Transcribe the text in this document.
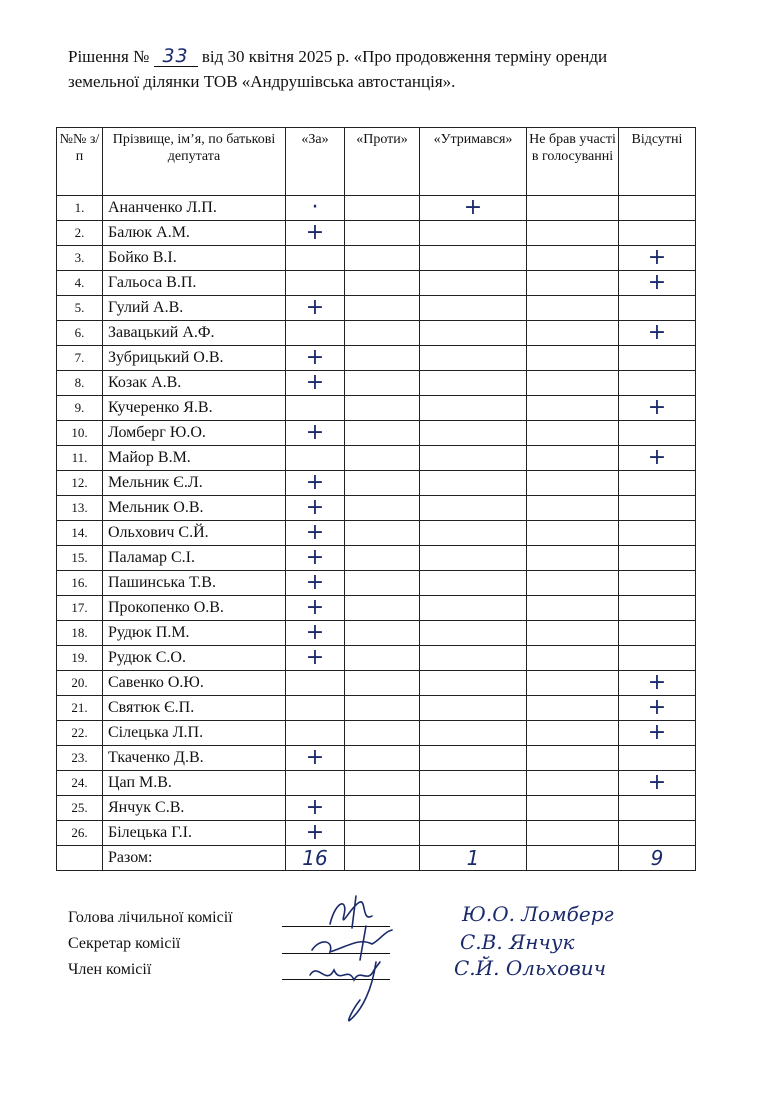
Рішення № 33 від 30 квітня 2025 р. «Про продовження терміну оренди
земельної ділянки ТОВ «Андрушівська автостанція».
№№ з/п	Прізвище, ім’я, по батькові депутата	«За»	«Проти»	«Утримався»	Не брав участі в голосуванні	Відсутні
1.	Ананченко Л.П.	·		+		
2.	Балюк А.М.	+				
3.	Бойко В.І.					+
4.	Гальоса В.П.					+
5.	Гулий А.В.	+				
6.	Завацький А.Ф.					+
7.	Зубрицький О.В.	+				
8.	Козак А.В.	+				
9.	Кучеренко Я.В.					+
10.	Ломберг Ю.О.	+				
11.	Майор В.М.					+
12.	Мельник Є.Л.	+				
13.	Мельник О.В.	+				
14.	Ольхович С.Й.	+				
15.	Паламар С.І.	+				
16.	Пашинська Т.В.	+				
17.	Прокопенко О.В.	+				
18.	Рудюк П.М.	+				
19.	Рудюк С.О.	+				
20.	Савенко О.Ю.					+
21.	Святюк Є.П.					+
22.	Сілецька Л.П.					+
23.	Ткаченко Д.В.	+				
24.	Цап М.В.					+
25.	Янчук С.В.	+				
26.	Білецька Г.І.	+				
	Разом:	16		1		9
Голова лічильної комісії
Секретар комісії
Член комісії
Ю.О. Ломберг
С.В. Янчук
С.Й. Ольхович
